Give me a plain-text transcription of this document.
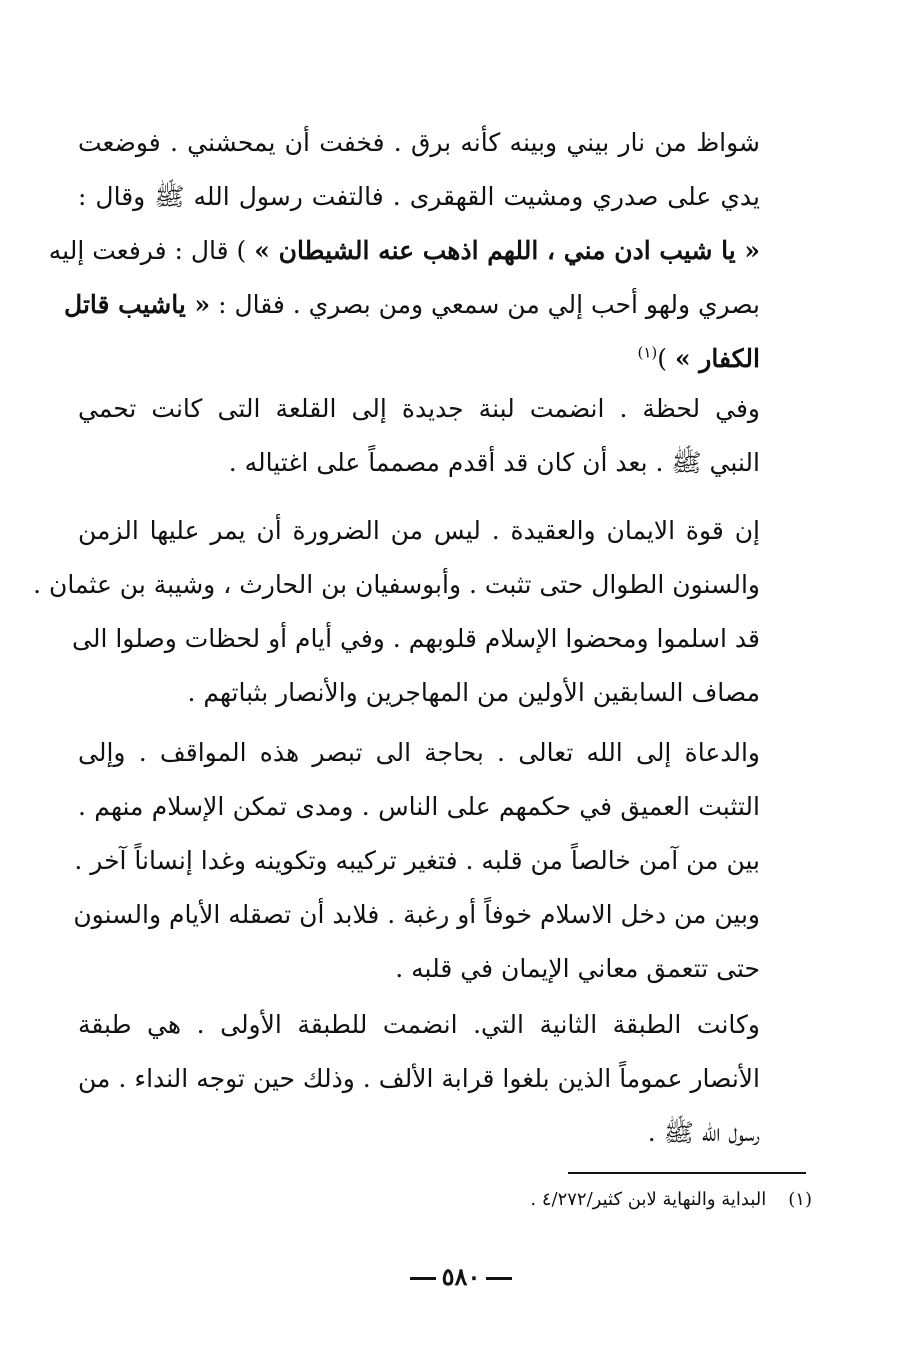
شواظ من نار بيني وبينه كأنه برق . فخفت أن يمحشني . فوضعت
يدي على صدري ومشيت القهقرى . فالتفت رسول الله ﷺ وقال :
« يا شيب ادن مني ، اللهم اذهب عنه الشيطان » ) قال : فرفعت إليه
بصري ولهو أحب إلي من سمعي ومن بصري . فقال : « ياشيب قاتل
الكفار » )$^{(١)}$
وفي لحظة . انضمت لبنة جديدة إلى القلعة التى كانت تحمي
النبي ﷺ . بعد أن كان قد أقدم مصمماً على اغتياله .
إن قوة الايمان والعقيدة . ليس من الضرورة أن يمر عليها الزمن
والسنون الطوال حتى تثبت . وأبوسفيان بن الحارث ، وشيبة بن عثمان .
قد اسلموا ومحضوا الإسلام قلوبهم . وفي أيام أو لحظات وصلوا الى
مصاف السابقين الأولين من المهاجرين والأنصار بثباتهم .
والدعاة إلى الله تعالى . بحاجة الى تبصر هذه المواقف . وإلى
التثبت العميق في حكمهم على الناس . ومدى تمكن الإسلام منهم .
بين من آمن خالصاً من قلبه . فتغير تركيبه وتكوينه وغدا إنساناً آخر .
وبين من دخل الاسلام خوفاً أو رغبة . فلابد أن تصقله الأيام والسنون
حتى تتعمق معاني الإيمان في قلبه .
وكانت الطبقة الثانية التي. انضمت للطبقة الأولى . هي طبقة
الأنصار عموماً الذين بلغوا قرابة الألف . وذلك حين توجه النداء . من
رسول الله ﷺ .
(١)البداية والنهاية لابن كثير/٤/٢٧٢ .
٥٨٠
